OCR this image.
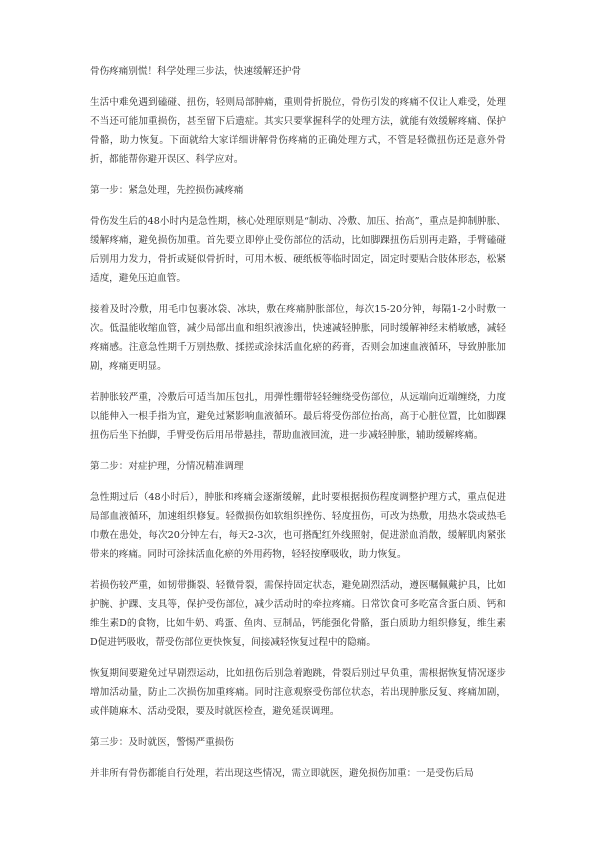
骨伤疼痛别慌！科学处理三步法，快速缓解还护骨

生活中难免遇到磕碰、扭伤，轻则局部肿痛，重则骨折脱位，骨伤引发的疼痛不仅让人难受，处理不当还可能加重损伤，甚至留下后遗症。其实只要掌握科学的处理方法，就能有效缓解疼痛、保护骨骼，助力恢复。下面就给大家详细讲解骨伤疼痛的正确处理方式，不管是轻微扭伤还是意外骨折，都能帮你避开误区、科学应对。

第一步：紧急处理，先控损伤减疼痛

骨伤发生后的48小时内是急性期，核心处理原则是“制动、冷敷、加压、抬高”，重点是抑制肿胀、缓解疼痛，避免损伤加重。首先要立即停止受伤部位的活动，比如脚踝扭伤后别再走路，手臂磕碰后别用力发力，骨折或疑似骨折时，可用木板、硬纸板等临时固定，固定时要贴合肢体形态，松紧适度，避免压迫血管。

接着及时冷敷，用毛巾包裹冰袋、冰块，敷在疼痛肿胀部位，每次15-20分钟，每隔1-2小时敷一次。低温能收缩血管，减少局部出血和组织液渗出，快速减轻肿胀，同时缓解神经末梢敏感，减轻疼痛感。注意急性期千万别热敷、揉搓或涂抹活血化瘀的药膏，否则会加速血液循环，导致肿胀加剧，疼痛更明显。

若肿胀较严重，冷敷后可适当加压包扎，用弹性绷带轻轻缠绕受伤部位，从远端向近端缠绕，力度以能伸入一根手指为宜，避免过紧影响血液循环。最后将受伤部位抬高，高于心脏位置，比如脚踝扭伤后坐下抬脚，手臂受伤后用吊带悬挂，帮助血液回流，进一步减轻肿胀，辅助缓解疼痛。

第二步：对症护理，分情况精准调理

急性期过后（48小时后），肿胀和疼痛会逐渐缓解，此时要根据损伤程度调整护理方式，重点促进局部血液循环，加速组织修复。轻微损伤如软组织挫伤、轻度扭伤，可改为热敷，用热水袋或热毛巾敷在患处，每次20分钟左右，每天2-3次，也可搭配红外线照射，促进淤血消散，缓解肌肉紧张带来的疼痛。同时可涂抹活血化瘀的外用药物，轻轻按摩吸收，助力恢复。

若损伤较严重，如韧带撕裂、轻微骨裂，需保持固定状态，避免剧烈活动，遵医嘱佩戴护具，比如护腕、护踝、支具等，保护受伤部位，减少活动时的牵拉疼痛。日常饮食可多吃富含蛋白质、钙和维生素D的食物，比如牛奶、鸡蛋、鱼肉、豆制品，钙能强化骨骼，蛋白质助力组织修复，维生素D促进钙吸收，帮受伤部位更快恢复，间接减轻恢复过程中的隐痛。

恢复期间要避免过早剧烈运动，比如扭伤后别急着跑跳，骨裂后别过早负重，需根据恢复情况逐步增加活动量，防止二次损伤加重疼痛。同时注意观察受伤部位状态，若出现肿胀反复、疼痛加剧，或伴随麻木、活动受限，要及时就医检查，避免延误调理。

第三步：及时就医，警惕严重损伤

并非所有骨伤都能自行处理，若出现这些情况，需立即就医，避免损伤加重：一是受伤后局
